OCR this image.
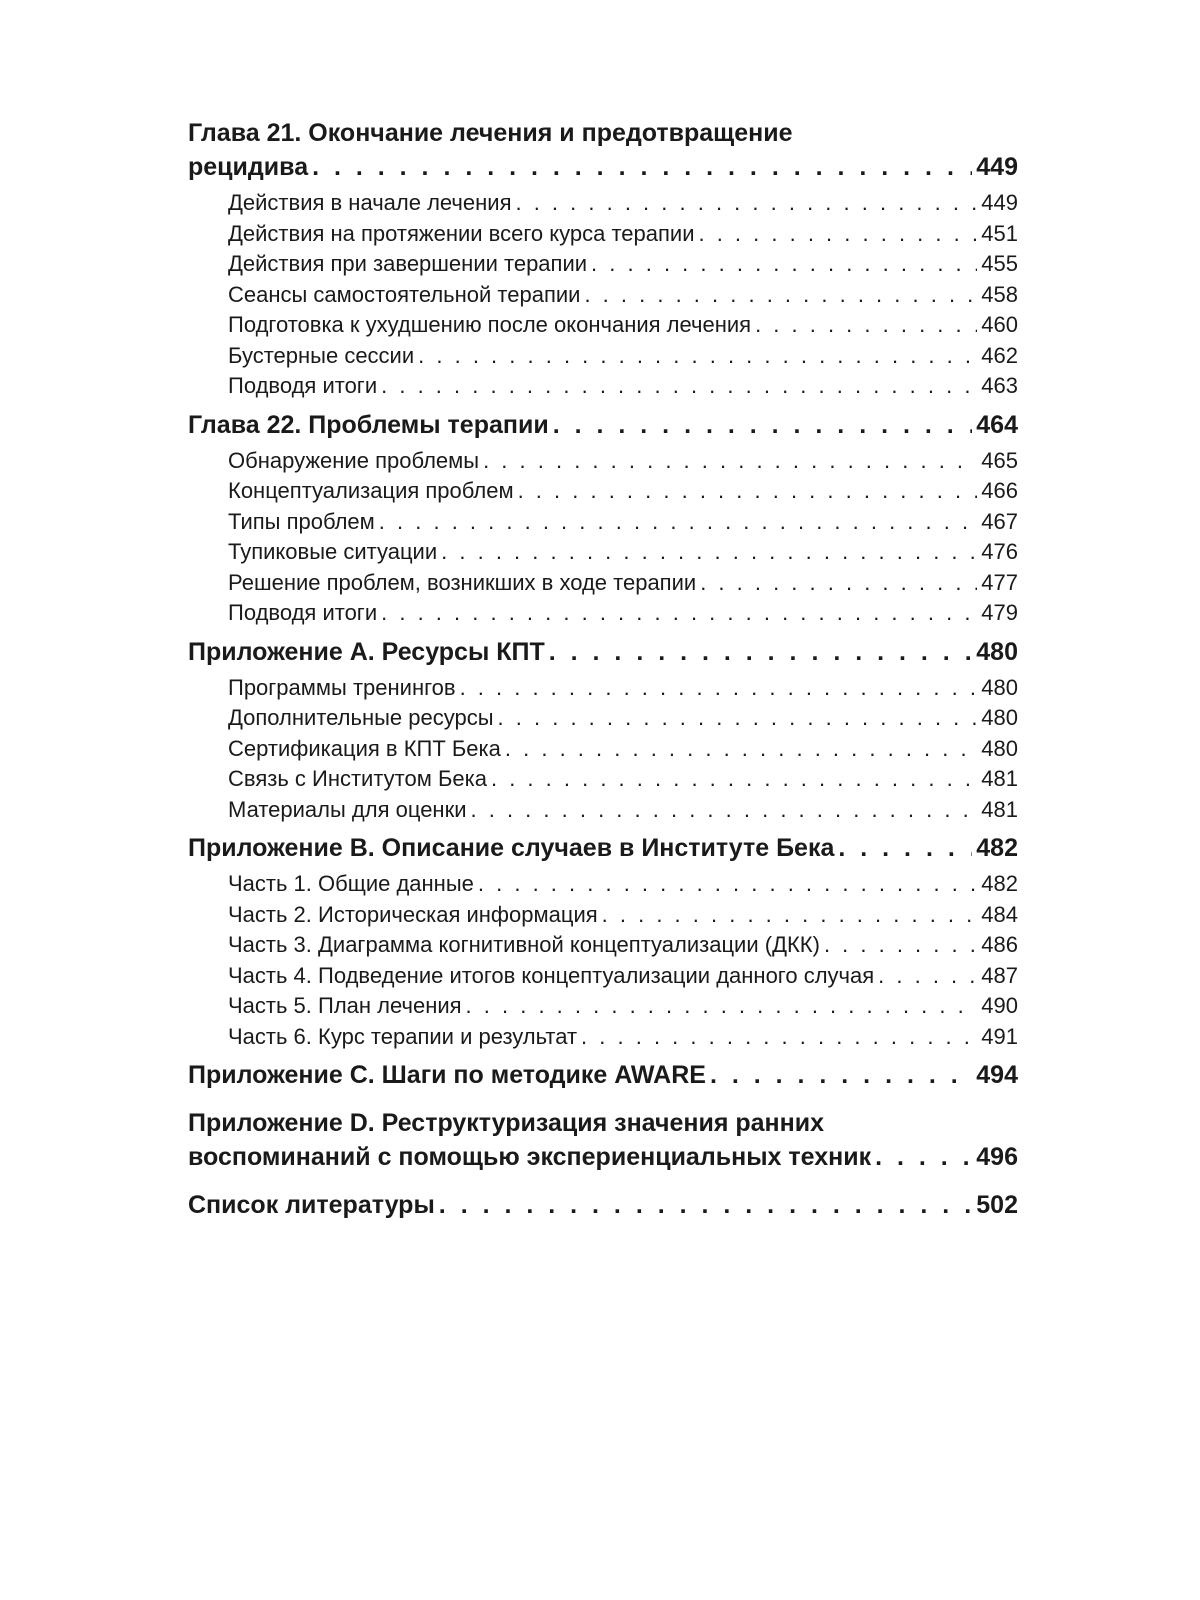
Глава 21. Окончание лечения и предотвращение
рецидива . . .	449
Действия в начале лечения . . .	449
Действия на протяжении всего курса терапии . . .	451
Действия при завершении терапии . . .	455
Сеансы самостоятельной терапии . . .	458
Подготовка к ухудшению после окончания лечения . . .	460
Бустерные сессии . . .	462
Подводя итоги . . .	463
Глава 22. Проблемы терапии . . .	464
Обнаружение проблемы . . .	465
Концептуализация проблем . . .	466
Типы проблем . . .	467
Тупиковые ситуации . . .	476
Решение проблем, возникших в ходе терапии . . .	477
Подводя итоги . . .	479
Приложение А. Ресурсы КПТ . . .	480
Программы тренингов . . .	480
Дополнительные ресурсы . . .	480
Сертификация в КПТ Бека . . .	480
Связь с Институтом Бека . . .	481
Материалы для оценки . . .	481
Приложение В. Описание случаев в Институте Бека . . .	482
Часть 1. Общие данные . . .	482
Часть 2. Историческая информация . . .	484
Часть 3. Диаграмма когнитивной концептуализации (ДКК) . . .	486
Часть 4. Подведение итогов концептуализации данного случая . . .	487
Часть 5. План лечения . . .	490
Часть 6. Курс терапии и результат . . .	491
Приложение С. Шаги по методике AWARE . . .	494
Приложение D. Реструктуризация значения ранних
воспоминаний с помощью экспериенциальных техник . . .	496
Список литературы . . .	502
